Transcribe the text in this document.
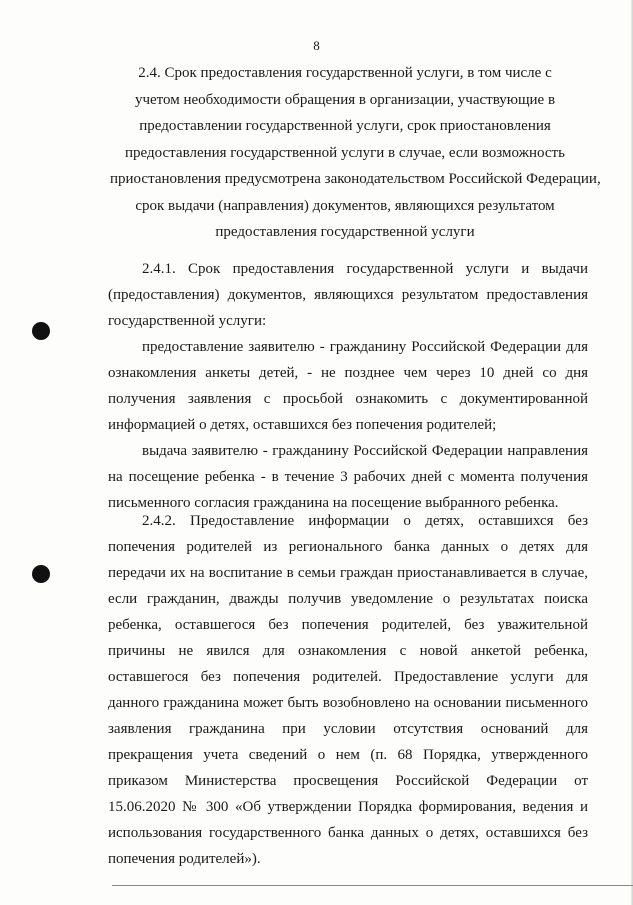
8
2.4. Срок предоставления государственной услуги, в том числе с
учетом необходимости обращения в организации, участвующие в
предоставлении государственной услуги, срок приостановления
предоставления государственной услуги в случае, если возможность
приостановления предусмотрена законодательством Российской Федерации,
срок выдачи (направления) документов, являющихся результатом
предоставления государственной услуги

2.4.1. Срок предоставления государственной услуги и выдачи (предоставления) документов, являющихся результатом предоставления государственной услуги:

предоставление заявителю - гражданину Российской Федерации для ознакомления анкеты детей, - не позднее чем через 10 дней со дня получения заявления с просьбой ознакомить с документированной информацией о детях, оставшихся без попечения родителей;

выдача заявителю - гражданину Российской Федерации направления на посещение ребенка - в течение 3 рабочих дней с момента получения письменного согласия гражданина на посещение выбранного ребенка.

2.4.2. Предоставление информации о детях, оставшихся без попечения родителей из регионального банка данных о детях для передачи их на воспитание в семьи граждан приостанавливается в случае, если гражданин, дважды получив уведомление о результатах поиска ребенка, оставшегося без попечения родителей, без уважительной причины не явился для ознакомления с новой анкетой ребенка, оставшегося без попечения родителей. Предоставление услуги для данного гражданина может быть возобновлено на основании письменного заявления гражданина при условии отсутствия оснований для прекращения учета сведений о нем (п. 68 Порядка, утвержденного приказом Министерства просвещения Российской Федерации от 15.06.2020 № 300 «Об утверждении Порядка формирования, ведения и использования государственного банка данных о детях, оставшихся без попечения родителей»).
